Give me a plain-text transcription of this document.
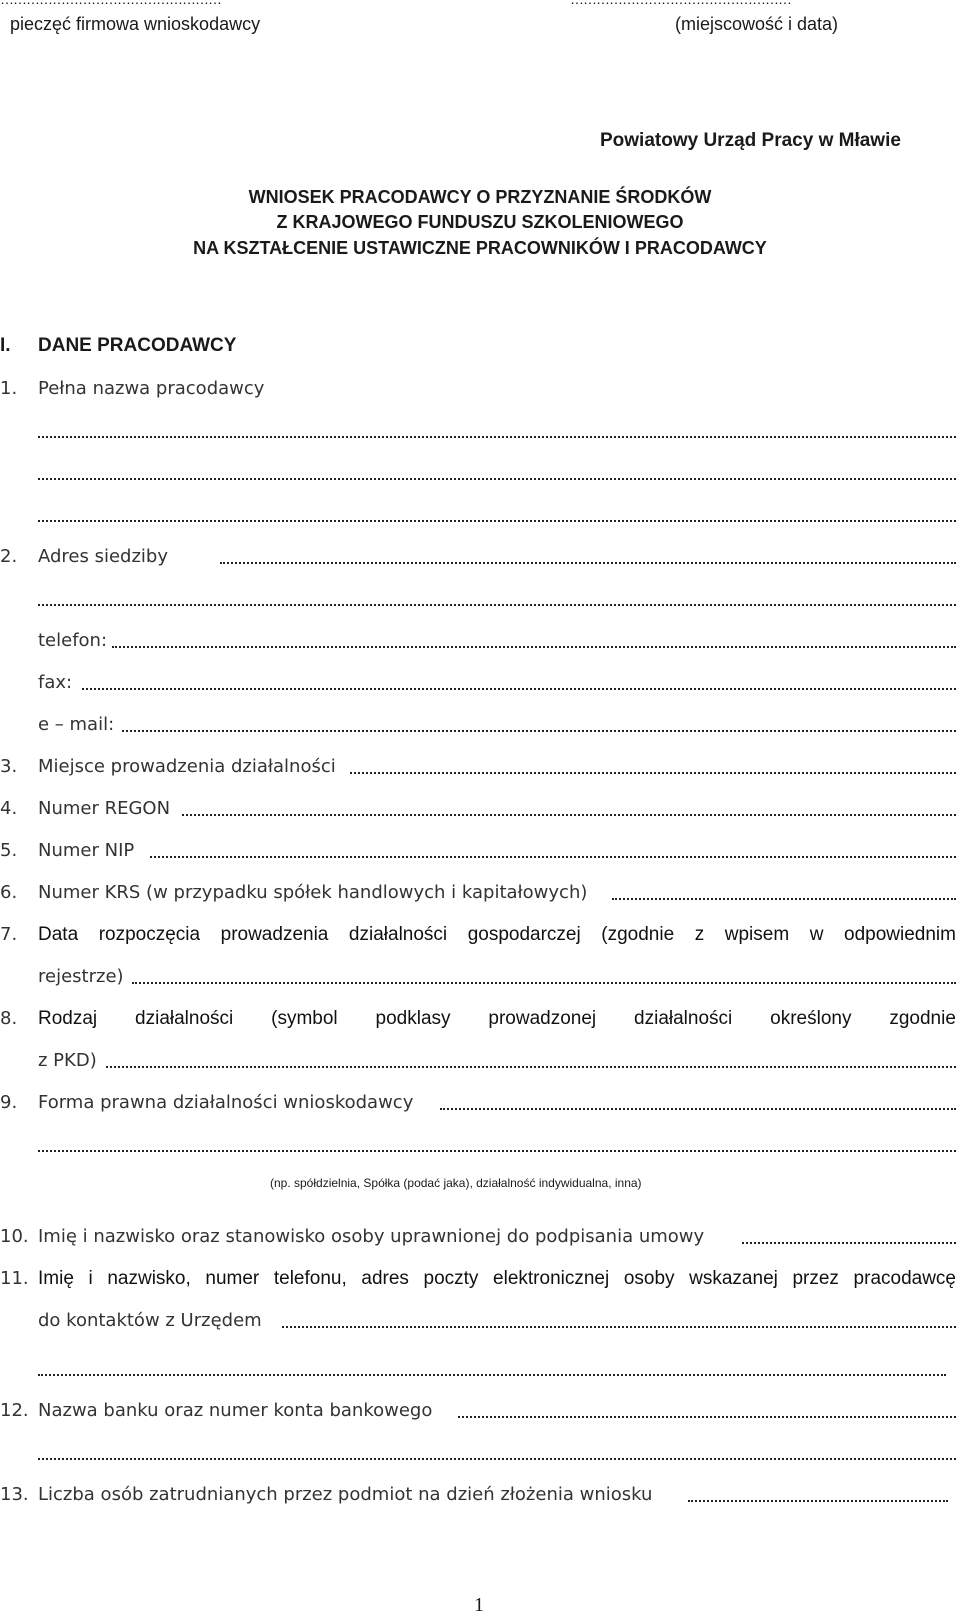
pieczęć firmowa wnioskodawcy	(miejscowość i data)
Powiatowy Urząd Pracy w Mławie
WNIOSEK PRACODAWCY O PRZYZNANIE ŚRODKÓW
Z KRAJOWEGO FUNDUSZU SZKOLENIOWEGO
NA KSZTAŁCENIE USTAWICZNE PRACOWNIKÓW I PRACODAWCY
I. DANE PRACODAWCY
1. Pełna nazwa pracodawcy
2. Adres siedziby
telefon:
fax:
e – mail:
3. Miejsce prowadzenia działalności
4. Numer REGON
5. Numer NIP
6. Numer KRS (w przypadku spółek handlowych i kapitałowych)
7. Data rozpoczęcia prowadzenia działalności gospodarczej (zgodnie z wpisem w odpowiednim
rejestrze)
8. Rodzaj działalności (symbol podklasy prowadzonej działalności określony zgodnie
z PKD)
9. Forma prawna działalności wnioskodawcy
(np. spółdzielnia, Spółka (podać jaka), działalność indywidualna, inna)
10. Imię i nazwisko oraz stanowisko osoby uprawnionej do podpisania umowy
11. Imię i nazwisko, numer telefonu, adres poczty elektronicznej osoby wskazanej przez pracodawcę
do kontaktów z Urzędem
12. Nazwa banku oraz numer konta bankowego
13. Liczba osób zatrudnianych przez podmiot na dzień złożenia wniosku
1
